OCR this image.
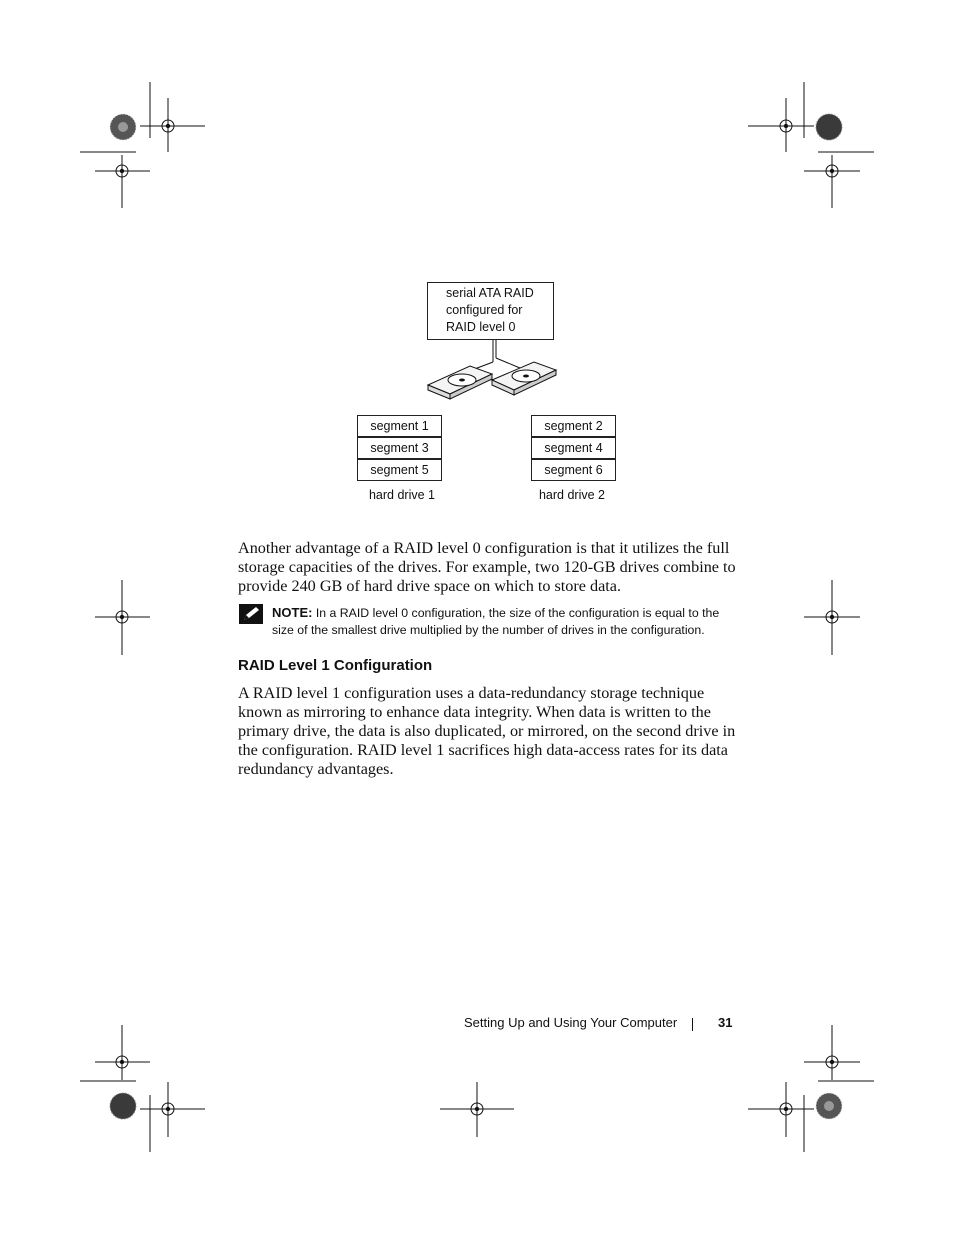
serial ATA RAID
configured for
RAID level 0
segment 1
segment 3
segment 5
segment 2
segment 4
segment 6
hard drive 1	hard drive 2
Another advantage of a RAID level 0 configuration is that it utilizes the full storage capacities of the drives. For example, two 120-GB drives combine to provide 240 GB of hard drive space on which to store data.
NOTE: In a RAID level 0 configuration, the size of the configuration is equal to the size of the smallest drive multiplied by the number of drives in the configuration.
RAID Level 1 Configuration
A RAID level 1 configuration uses a data-redundancy storage technique known as mirroring to enhance data integrity. When data is written to the primary drive, the data is also duplicated, or mirrored, on the second drive in the configuration. RAID level 1 sacrifices high data-access rates for its data redundancy advantages.
Setting Up and Using Your Computer	31
